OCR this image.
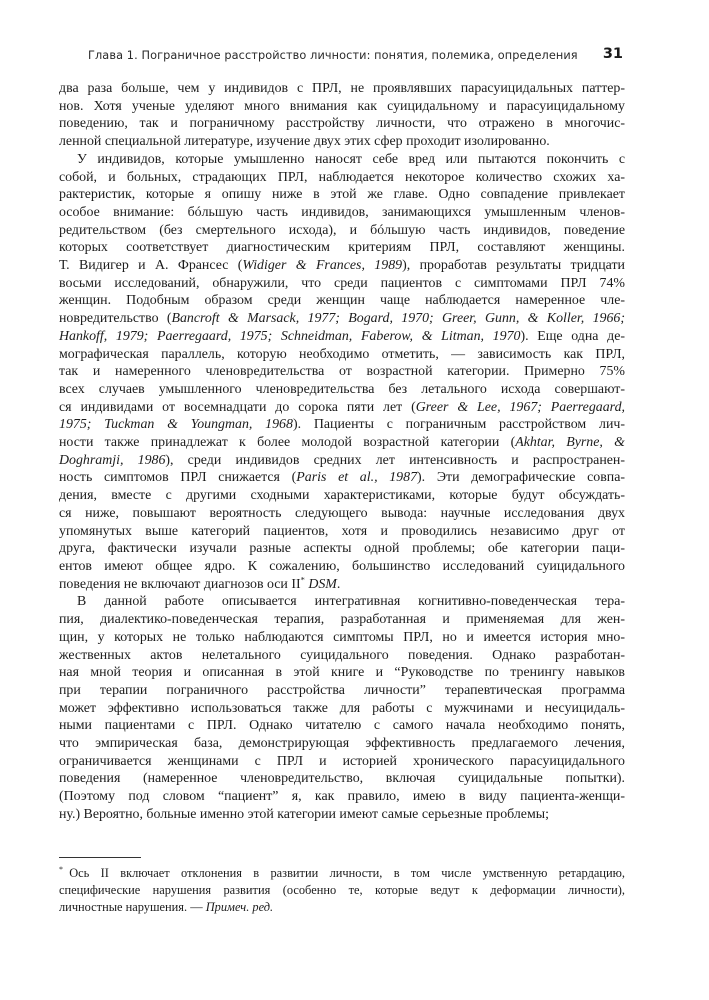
Глава 1. Пограничное расстройство личности: понятия, полемика, определения 31

два раза больше, чем у индивидов с ПРЛ, не проявлявших парасуицидальных паттер-
нов. Хотя ученые уделяют много внимания как суицидальному и парасуицидальному
поведению, так и пограничному расстройству личности, что отражено в многочис-
ленной специальной литературе, изучение двух этих сфер проходит изолированно.

У индивидов, которые умышленно наносят себе вред или пытаются покончить с
собой, и больных, страдающих ПРЛ, наблюдается некоторое количество схожих ха-
рактеристик, которые я опишу ниже в этой же главе. Одно совпадение привлекает
особое внимание: бóльшую часть индивидов, занимающихся умышленным членов-
редительством (без смертельного исхода), и бóльшую часть индивидов, поведение
которых соответствует диагностическим критериям ПРЛ, составляют женщины.
Т. Видигер и А. Франсес (Widiger & Frances, 1989), проработав результаты тридцати
восьми исследований, обнаружили, что среди пациентов с симптомами ПРЛ 74%
женщин. Подобным образом среди женщин чаще наблюдается намеренное чле-
новредительство (Bancroft & Marsack, 1977; Bogard, 1970; Greer, Gunn, & Koller, 1966;
Hankoff, 1979; Paerregaard, 1975; Schneidman, Faberow, & Litman, 1970). Еще одна де-
мографическая параллель, которую необходимо отметить, — зависимость как ПРЛ,
так и намеренного членовредительства от возрастной категории. Примерно 75%
всех случаев умышленного членовредительства без летального исхода совершают-
ся индивидами от восемнадцати до сорока пяти лет (Greer & Lee, 1967; Paerregaard,
1975; Tuckman & Youngman, 1968). Пациенты с пограничным расстройством лич-
ности также принадлежат к более молодой возрастной категории (Akhtar, Byrne, &
Doghramji, 1986), среди индивидов средних лет интенсивность и распространен-
ность симптомов ПРЛ снижается (Paris et al., 1987). Эти демографические совпа-
дения, вместе с другими сходными характеристиками, которые будут обсуждать-
ся ниже, повышают вероятность следующего вывода: научные исследования двух
упомянутых выше категорий пациентов, хотя и проводились независимо друг от
друга, фактически изучали разные аспекты одной проблемы; обе категории паци-
ентов имеют общее ядро. К сожалению, большинство исследований суицидального
поведения не включают диагнозов оси II* DSM.

В данной работе описывается интегративная когнитивно-поведенческая тера-
пия, диалектико-поведенческая терапия, разработанная и применяемая для жен-
щин, у которых не только наблюдаются симптомы ПРЛ, но и имеется история мно-
жественных актов нелетального суицидального поведения. Однако разработан-
ная мной теория и описанная в этой книге и “Руководстве по тренингу навыков
при терапии пограничного расстройства личности” терапевтическая программа
может эффективно использоваться также для работы с мужчинами и несуицидаль-
ными пациентами с ПРЛ. Однако читателю с самого начала необходимо понять,
что эмпирическая база, демонстрирующая эффективность предлагаемого лечения,
ограничивается женщинами с ПРЛ и историей хронического парасуицидального
поведения (намеренное членовредительство, включая суицидальные попытки).
(Поэтому под словом “пациент” я, как правило, имею в виду пациента-женщи-
ну.) Вероятно, больные именно этой категории имеют самые серьезные проблемы;

*  Ось II включает отклонения в развитии личности, в том числе умственную ретардацию,
специфические нарушения развития (особенно те, которые ведут к деформации личности),
личностные нарушения. — Примеч. ред.
